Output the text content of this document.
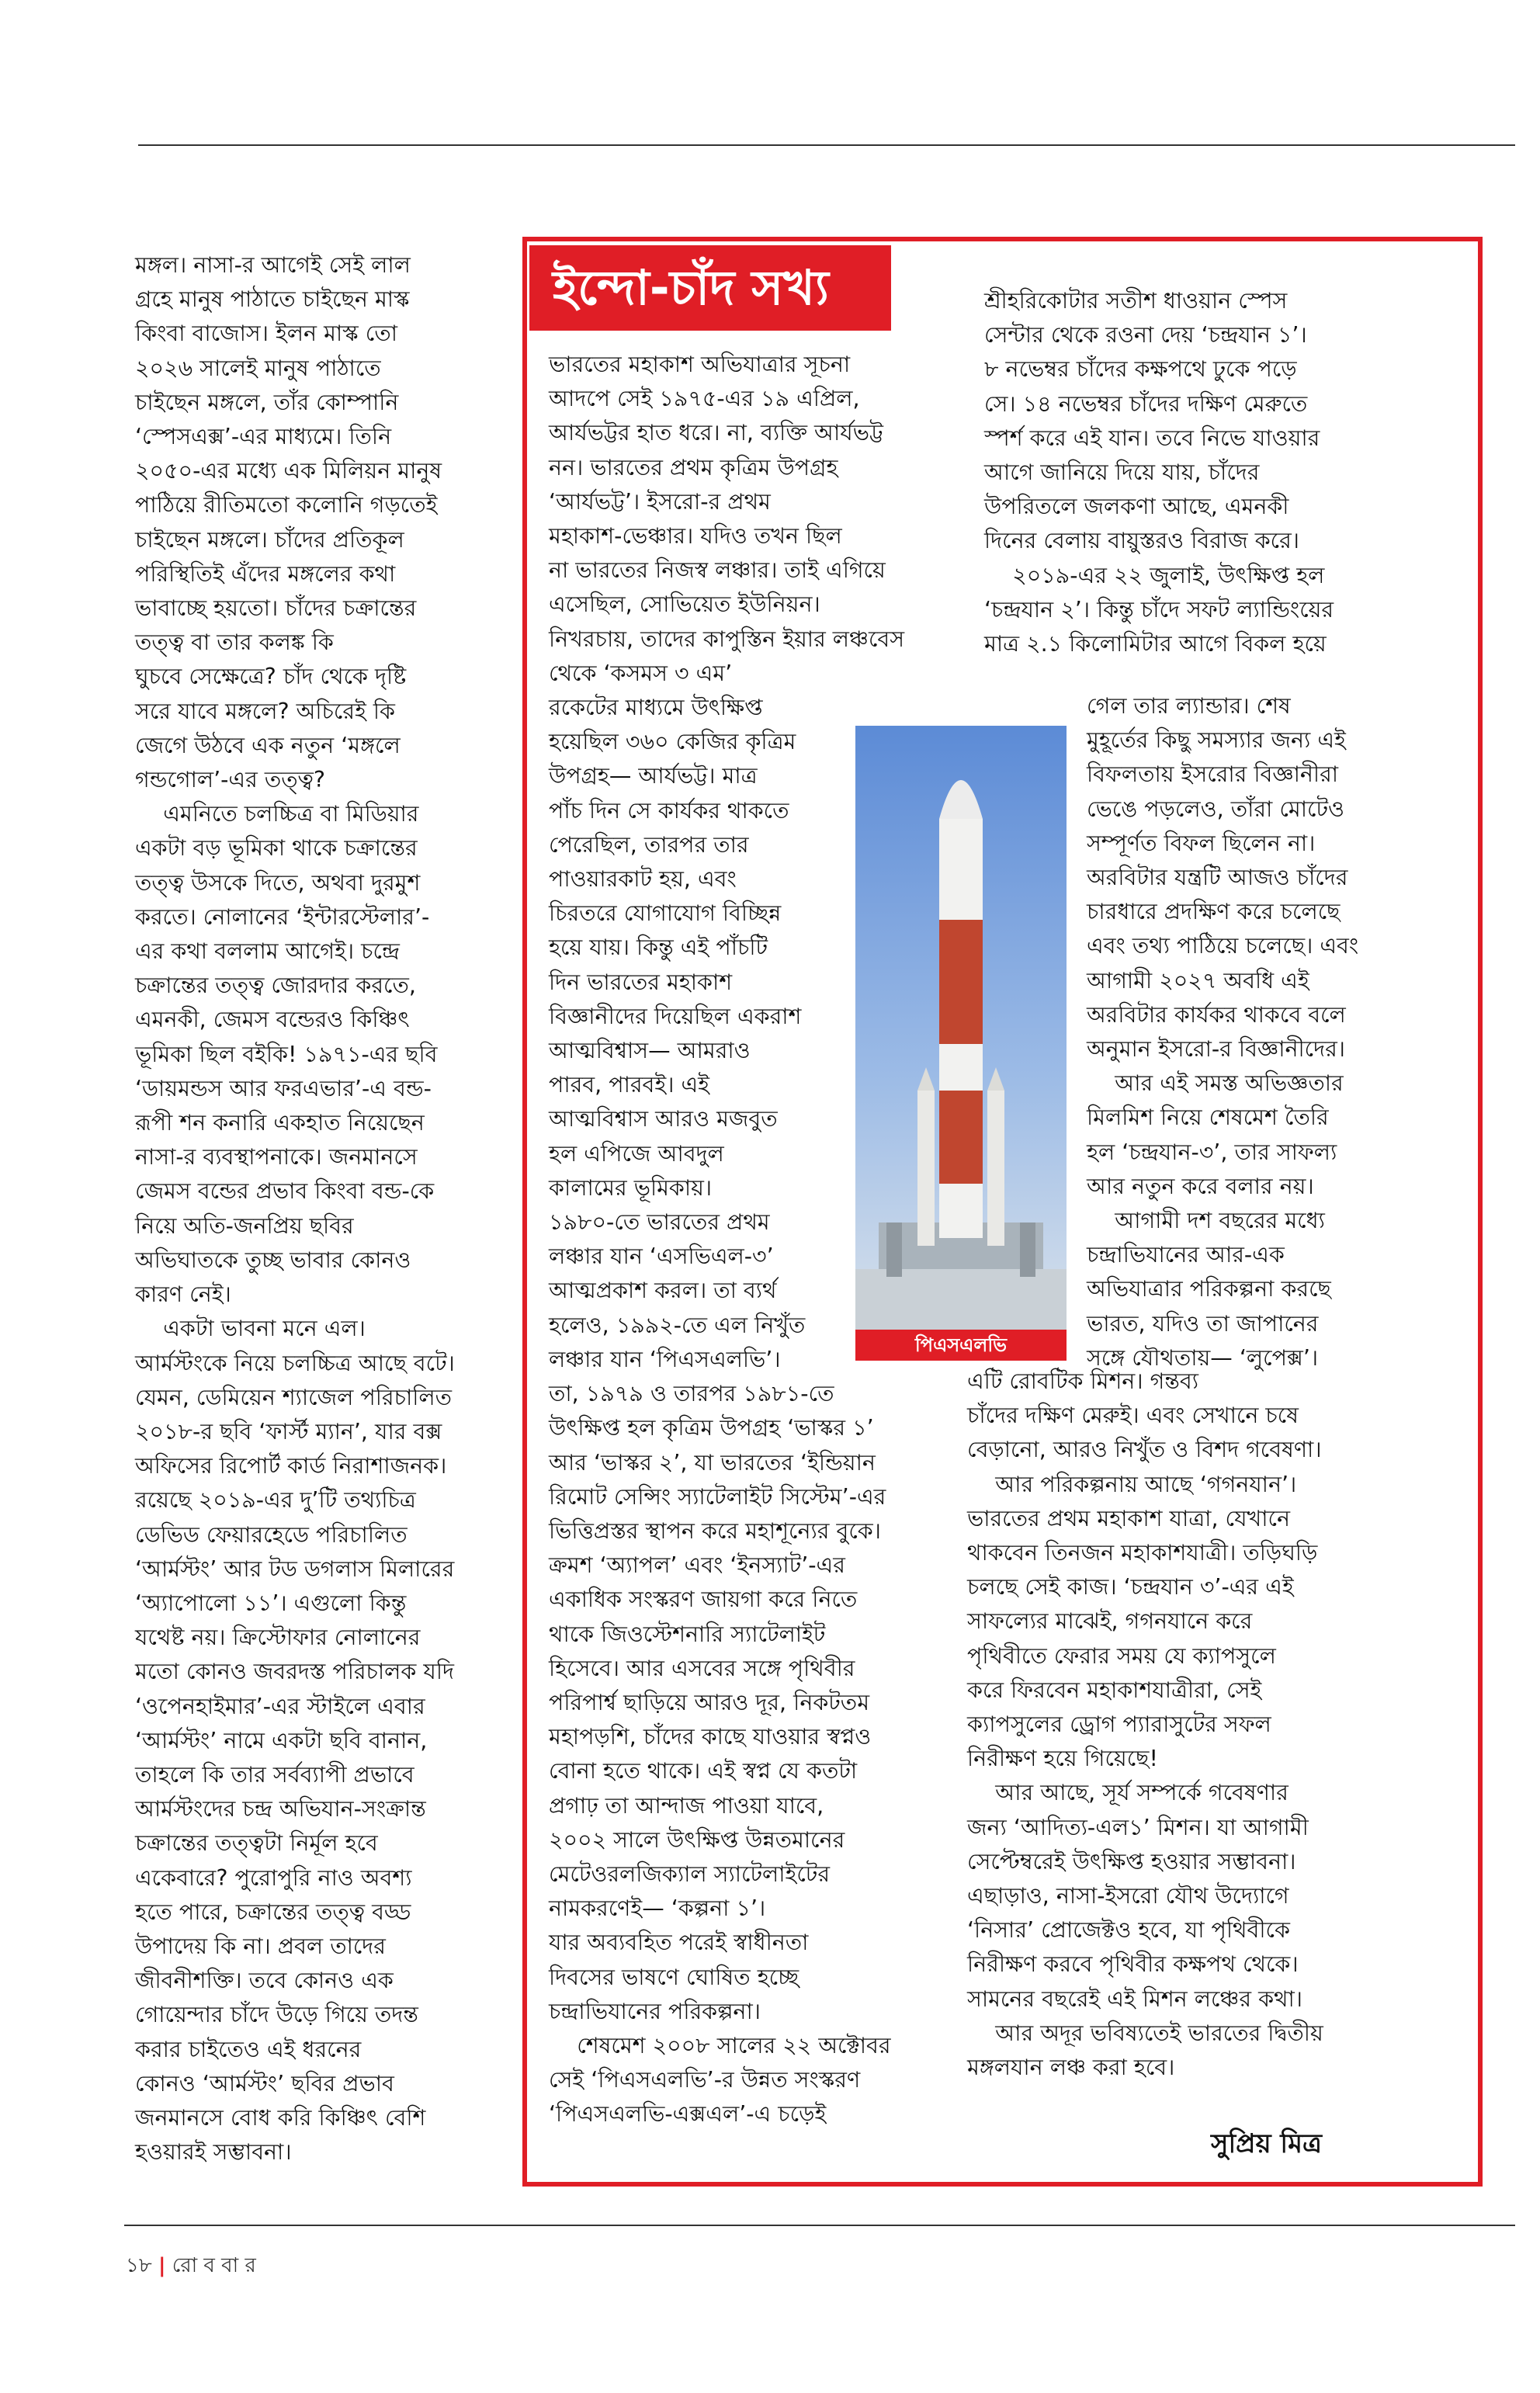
মঙ্গল। নাসা-র আগেই সেই লাল
গ্রহে মানুষ পাঠাতে চাইছেন মাস্ক
কিংবা বাজোস। ইলন মাস্ক তো
২০২৬ সালেই মানুষ পাঠাতে
চাইছেন মঙ্গলে, তাঁর কোম্পানি
‘স্পেসএক্স’-এর মাধ্যমে। তিনি
২০৫০-এর মধ্যে এক মিলিয়ন মানুষ
পাঠিয়ে রীতিমতো কলোনি গড়তেই
চাইছেন মঙ্গলে। চাঁদের প্রতিকূল
পরিস্থিতিই এঁদের মঙ্গলের কথা
ভাবাচ্ছে হয়তো। চাঁদের চক্রান্তের
তত্ত্ব বা তার কলঙ্ক কি
ঘুচবে সেক্ষেত্রে? চাঁদ থেকে দৃষ্টি
সরে যাবে মঙ্গলে? অচিরেই কি
জেগে উঠবে এক নতুন ‘মঙ্গলে
গন্ডগোল’-এর তত্ত্ব?
এমনিতে চলচ্চিত্র বা মিডিয়ার
একটা বড় ভূমিকা থাকে চক্রান্তের
তত্ত্ব উসকে দিতে, অথবা দুরমুশ
করতে। নোলানের ‘ইন্টারস্টেলার’-
এর কথা বললাম আগেই। চন্দ্রে
চক্রান্তের তত্ত্ব জোরদার করতে,
এমনকী, জেমস বন্ডেরও কিঞ্চিৎ
ভূমিকা ছিল বইকি! ১৯৭১-এর ছবি
‘ডায়মন্ডস আর ফরএভার’-এ বন্ড-
রূপী শন কনারি একহাত নিয়েছেন
নাসা-র ব্যবস্থাপনাকে। জনমানসে
জেমস বন্ডের প্রভাব কিংবা বন্ড-কে
নিয়ে অতি-জনপ্রিয় ছবির
অভিঘাতকে তুচ্ছ ভাবার কোনও
কারণ নেই।
একটা ভাবনা মনে এল।
আর্মস্টংকে নিয়ে চলচ্চিত্র আছে বটে।
যেমন, ডেমিয়েন শ্যাজেল পরিচালিত
২০১৮-র ছবি ‘ফার্স্ট ম্যান’, যার বক্স
অফিসের রিপোর্ট কার্ড নিরাশাজনক।
রয়েছে ২০১৯-এর দু’টি তথ্যচিত্র
ডেভিড ফেয়ারহেডে পরিচালিত
‘আর্মস্টং’ আর টড ডগলাস মিলারের
‘অ্যাপোলো ১১’। এগুলো কিন্তু
যথেষ্ট নয়। ক্রিস্টোফার নোলানের
মতো কোনও জবরদস্ত পরিচালক যদি
‘ওপেনহাইমার’-এর স্টাইলে এবার
‘আর্মস্টং’ নামে একটা ছবি বানান,
তাহলে কি তার সর্বব্যাপী প্রভাবে
আর্মস্টংদের চন্দ্র অভিযান-সংক্রান্ত
চক্রান্তের তত্ত্বটা নির্মূল হবে
একেবারে? পুরোপুরি নাও অবশ্য
হতে পারে, চক্রান্তের তত্ত্ব বড্ড
উপাদেয় কি না। প্রবল তাদের
জীবনীশক্তি। তবে কোনও এক
গোয়েন্দার চাঁদে উড়ে গিয়ে তদন্ত
করার চাইতেও এই ধরনের
কোনও ‘আর্মস্টং’ ছবির প্রভাব
জনমানসে বোধ করি কিঞ্চিৎ বেশি
হওয়ারই সম্ভাবনা।
ইন্দো-চাঁদ সখ্য
ভারতের মহাকাশ অভিযাত্রার সূচনা
আদপে সেই ১৯৭৫-এর ১৯ এপ্রিল,
আর্যভট্টর হাত ধরে। না, ব্যক্তি আর্যভট্ট
নন। ভারতের প্রথম কৃত্রিম উপগ্রহ
‘আর্যভট্ট’। ইসরো-র প্রথম
মহাকাশ-ভেঞ্চার। যদিও তখন ছিল
না ভারতের নিজস্ব লঞ্চার। তাই এগিয়ে
এসেছিল, সোভিয়েত ইউনিয়ন।
নিখরচায়, তাদের কাপুস্তিন ইয়ার লঞ্চবেস
থেকে ‘কসমস ৩ এম’
রকেটের মাধ্যমে উৎক্ষিপ্ত
হয়েছিল ৩৬০ কেজির কৃত্রিম
উপগ্রহ— আর্যভট্ট। মাত্র
পাঁচ দিন সে কার্যকর থাকতে
পেরেছিল, তারপর তার
পাওয়ারকাট হয়, এবং
চিরতরে যোগাযোগ বিচ্ছিন্ন
হয়ে যায়। কিন্তু এই পাঁচটি
দিন ভারতের মহাকাশ
বিজ্ঞানীদের দিয়েছিল একরাশ
আত্মবিশ্বাস— আমরাও
পারব, পারবই। এই
আত্মবিশ্বাস আরও মজবুত
হল এপিজে আবদুল
কালামের ভূমিকায়।
১৯৮০-তে ভারতের প্রথম
লঞ্চার যান ‘এসভিএল-৩’
আত্মপ্রকাশ করল। তা ব্যর্থ
হলেও, ১৯৯২-তে এল নিখুঁত
লঞ্চার যান ‘পিএসএলভি’।
তা, ১৯৭৯ ও তারপর ১৯৮১-তে
উৎক্ষিপ্ত হল কৃত্রিম উপগ্রহ ‘ভাস্কর ১’
আর ‘ভাস্কর ২’, যা ভারতের ‘ইন্ডিয়ান
রিমোট সেন্সিং স্যাটেলাইট সিস্টেম’-এর
ভিত্তিপ্রস্তর স্থাপন করে মহাশূন্যের বুকে।
ক্রমশ ‘অ্যাপল’ এবং ‘ইনস্যাট’-এর
একাধিক সংস্করণ জায়গা করে নিতে
থাকে জিওস্টেশনারি স্যাটেলাইট
হিসেবে। আর এসবের সঙ্গে পৃথিবীর
পরিপার্শ্ব ছাড়িয়ে আরও দূর, নিকটতম
মহাপড়শি, চাঁদের কাছে যাওয়ার স্বপ্নও
বোনা হতে থাকে। এই স্বপ্ন যে কতটা
প্রগাঢ় তা আন্দাজ পাওয়া যাবে,
২০০২ সালে উৎক্ষিপ্ত উন্নতমানের
মেটেওরলজিক্যাল স্যাটেলাইটের
নামকরণেই— ‘কল্পনা ১’।
যার অব্যবহিত পরেই স্বাধীনতা
দিবসের ভাষণে ঘোষিত হচ্ছে
চন্দ্রাভিযানের পরিকল্পনা।
শেষমেশ ২০০৮ সালের ২২ অক্টোবর
সেই ‘পিএসএলভি’-র উন্নত সংস্করণ
‘পিএসএলভি-এক্সএল’-এ চড়েই
শ্রীহরিকোটার সতীশ ধাওয়ান স্পেস
সেন্টার থেকে রওনা দেয় ‘চন্দ্রযান ১’।
৮ নভেম্বর চাঁদের কক্ষপথে ঢুকে পড়ে
সে। ১৪ নভেম্বর চাঁদের দক্ষিণ মেরুতে
স্পর্শ করে এই যান। তবে নিভে যাওয়ার
আগে জানিয়ে দিয়ে যায়, চাঁদের
উপরিতলে জলকণা আছে, এমনকী
দিনের বেলায় বায়ুস্তরও বিরাজ করে।
২০১৯-এর ২২ জুলাই, উৎক্ষিপ্ত হল
‘চন্দ্রযান ২’। কিন্তু চাঁদে সফট ল্যান্ডিংয়ের
মাত্র ২.১ কিলোমিটার আগে বিকল হয়ে
গেল তার ল্যান্ডার। শেষ
মুহূর্তের কিছু সমস্যার জন্য এই
বিফলতায় ইসরোর বিজ্ঞানীরা
ভেঙে পড়লেও, তাঁরা মোটেও
সম্পূর্ণত বিফল ছিলেন না।
অরবিটার যন্ত্রটি আজও চাঁদের
চারধারে প্রদক্ষিণ করে চলেছে
এবং তথ্য পাঠিয়ে চলেছে। এবং
আগামী ২০২৭ অবধি এই
অরবিটার কার্যকর থাকবে বলে
অনুমান ইসরো-র বিজ্ঞানীদের।
আর এই সমস্ত অভিজ্ঞতার
মিলমিশ নিয়ে শেষমেশ তৈরি
হল ‘চন্দ্রযান-৩’, তার সাফল্য
আর নতুন করে বলার নয়।
আগামী দশ বছরের মধ্যে
চন্দ্রাভিযানের আর-এক
অভিযাত্রার পরিকল্পনা করছে
ভারত, যদিও তা জাপানের
সঙ্গে যৌথতায়— ‘লুপেক্স’।
এটি রোবটিক মিশন। গন্তব্য
চাঁদের দক্ষিণ মেরুই। এবং সেখানে চষে
বেড়ানো, আরও নিখুঁত ও বিশদ গবেষণা।
আর পরিকল্পনায় আছে ‘গগনযান’।
ভারতের প্রথম মহাকাশ যাত্রা, যেখানে
থাকবেন তিনজন মহাকাশযাত্রী। তড়িঘড়ি
চলছে সেই কাজ। ‘চন্দ্রযান ৩’-এর এই
সাফল্যের মাঝেই, গগনযানে করে
পৃথিবীতে ফেরার সময় যে ক্যাপসুলে
করে ফিরবেন মহাকাশযাত্রীরা, সেই
ক্যাপসুলের ড্রোগ প্যারাসুটের সফল
নিরীক্ষণ হয়ে গিয়েছে!
আর আছে, সূর্য সম্পর্কে গবেষণার
জন্য ‘আদিত্য-এল১’ মিশন। যা আগামী
সেপ্টেম্বরেই উৎক্ষিপ্ত হওয়ার সম্ভাবনা।
এছাড়াও, নাসা-ইসরো যৌথ উদ্যোগে
‘নিসার’ প্রোজেক্টও হবে, যা পৃথিবীকে
নিরীক্ষণ করবে পৃথিবীর কক্ষপথ থেকে।
সামনের বছরেই এই মিশন লঞ্চের কথা।
আর অদূর ভবিষ্যতেই ভারতের দ্বিতীয়
মঙ্গলযান লঞ্চ করা হবে।
পিএসএলভি
সুপ্রিয় মিত্র
১৮ | রো ব বা র
